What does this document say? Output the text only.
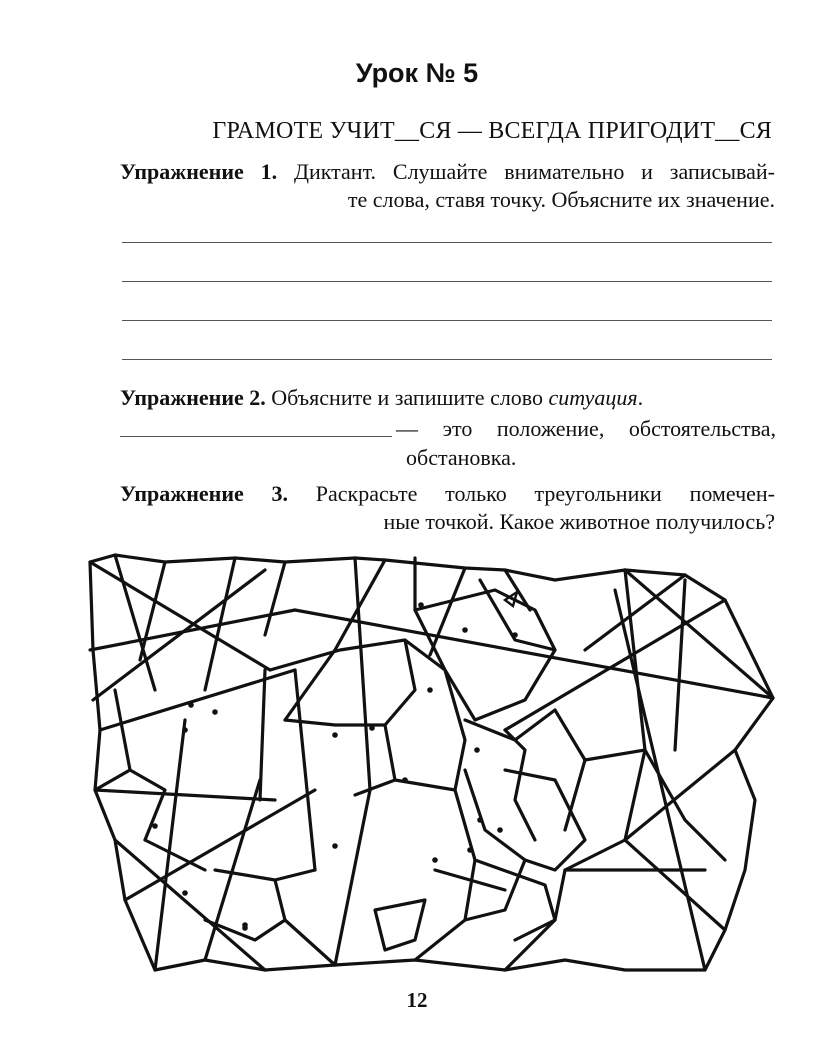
Урок № 5
ГРАМОТЕ УЧИТ__СЯ — ВСЕГДА ПРИГОДИТ__СЯ
Упражнение 1. Диктант. Слушайте внимательно и записывай-
те слова, ставя точку. Объясните их значение.
Упражнение 2. Объясните и запишите слово ситуация.
— это положение, обстоятельства,
обстановка.
Упражнение 3. Раскрасьте только треугольники помечен-
ные точкой. Какое животное получилось?
12
